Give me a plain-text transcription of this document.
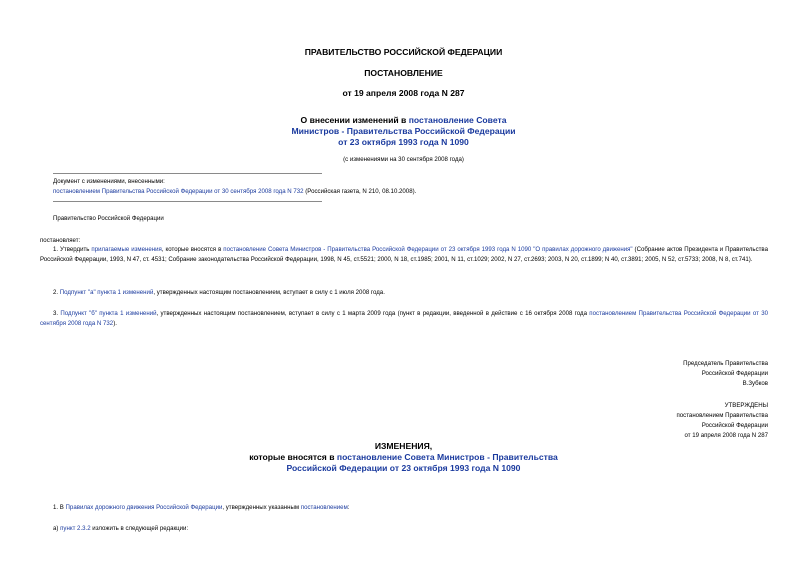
ПРАВИТЕЛЬСТВО РОССИЙСКОЙ ФЕДЕРАЦИИ
ПОСТАНОВЛЕНИЕ
от 19 апреля 2008 года N 287
О внесении изменений в постановление Совета
Министров - Правительства Российской Федерации
от 23 октября 1993 года N 1090
(с изменениями на 30 сентября 2008 года)
Документ с изменениями, внесенными:
постановлением Правительства Российской Федерации от 30 сентября 2008 года N 732 (Российская газета, N 210, 08.10.2008).
Правительство Российской Федерации
постановляет:
1. Утвердить прилагаемые изменения, которые вносятся в постановление Совета Министров - Правительства Российской Федерации от 23 октября 1993 года N 1090 "О правилах дорожного движения" (Собрание актов Президента и Правительства Российской Федерации, 1993, N 47, ст. 4531; Собрание законодательства Российской Федерации, 1998, N 45, ст.5521; 2000, N 18, ст.1985; 2001, N 11, ст.1029; 2002, N 27, ст.2693; 2003, N 20, ст.1899; N 40, ст.3891; 2005, N 52, ст.5733; 2008, N 8, ст.741).
2. Подпункт "а" пункта 1 изменений, утвержденных настоящим постановлением, вступает в силу с 1 июля 2008 года.
3. Подпункт "б" пункта 1 изменений, утвержденных настоящим постановлением, вступает в силу с 1 марта 2009 года (пункт в редакции, введенной в действие с 16 октября 2008 года постановлением Правительства Российской Федерации от 30 сентября 2008 года N 732).
Председатель Правительства
Российской Федерации
В.Зубков
УТВЕРЖДЕНЫ
постановлением Правительства
Российской Федерации
от 19 апреля 2008 года N 287
ИЗМЕНЕНИЯ,
которые вносятся в постановление Совета Министров - Правительства
Российской Федерации от 23 октября 1993 года N 1090
1. В Правилах дорожного движения Российской Федерации, утвержденных указанным постановлением:
а) пункт 2.3.2 изложить в следующей редакции:
